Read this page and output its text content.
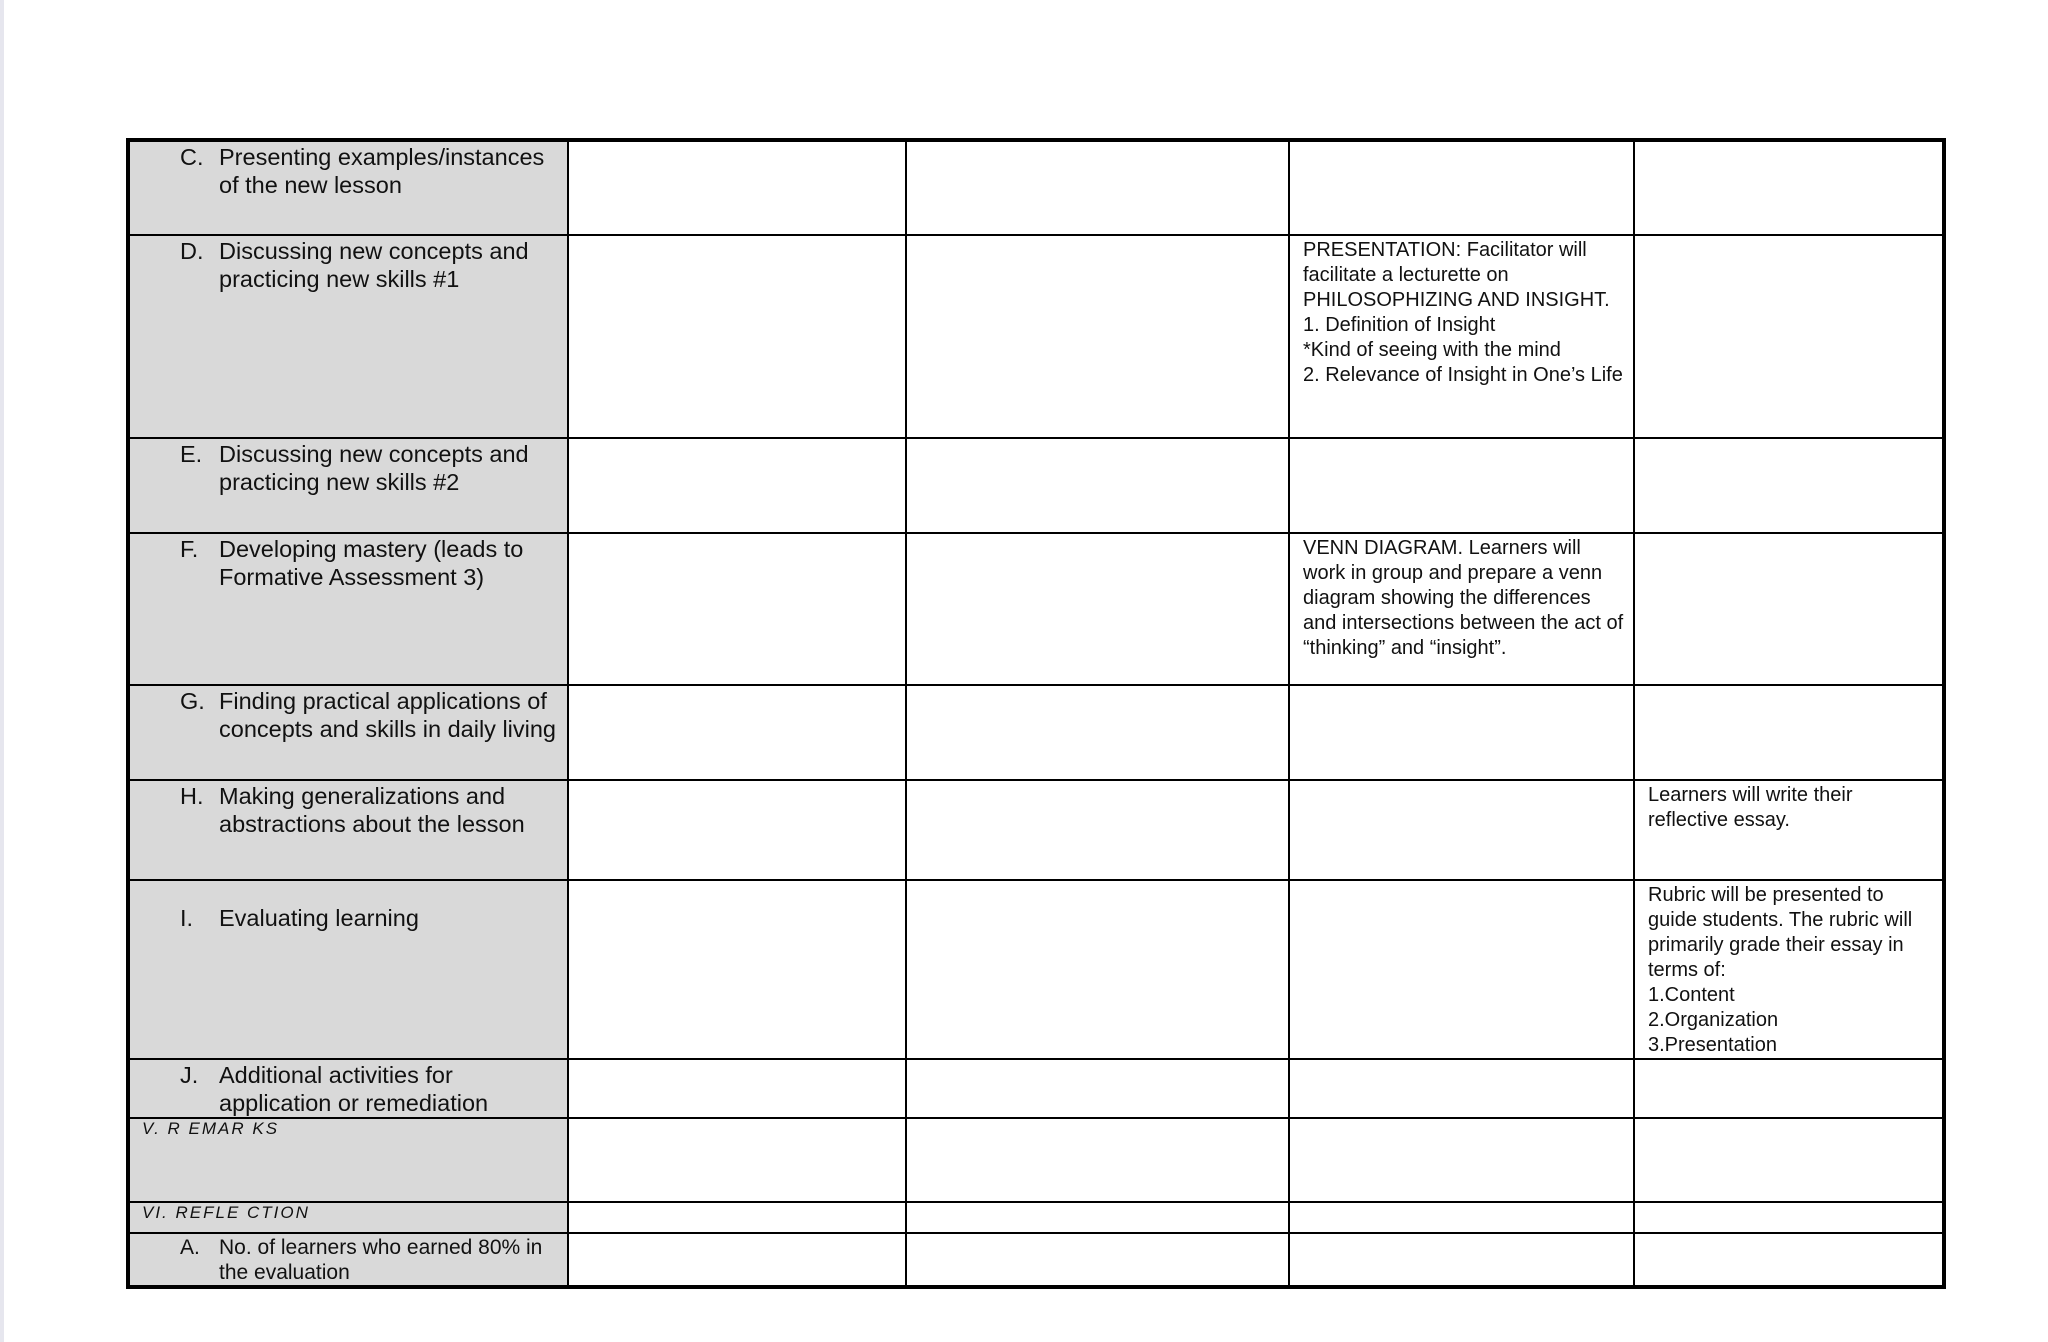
C. Presenting examples/instances of the new lesson				

D. Discussing new concepts and practicing new skills #1			PRESENTATION: Facilitator will facilitate a lecturette on PHILOSOPHIZING AND INSIGHT.
1. Definition of Insight
*Kind of seeing with the mind
2. Relevance of Insight in One’s Life	

E. Discussing new concepts and practicing new skills #2				

F. Developing mastery (leads to Formative Assessment 3)			VENN DIAGRAM. Learners will work in group and prepare a venn diagram showing the differences and intersections between the act of “thinking” and “insight”.	

G. Finding practical applications of concepts and skills in daily living				

H. Making generalizations and abstractions about the lesson				Learners will write their reflective essay.

I. Evaluating learning				Rubric will be presented to guide students. The rubric will primarily grade their essay in terms of:
1.Content
2.Organization
3.Presentation

J. Additional activities for application or remediation				

V. R EMAR KS				

VI. REFLE CTION				

A. No. of learners who earned 80% in the evaluation				
